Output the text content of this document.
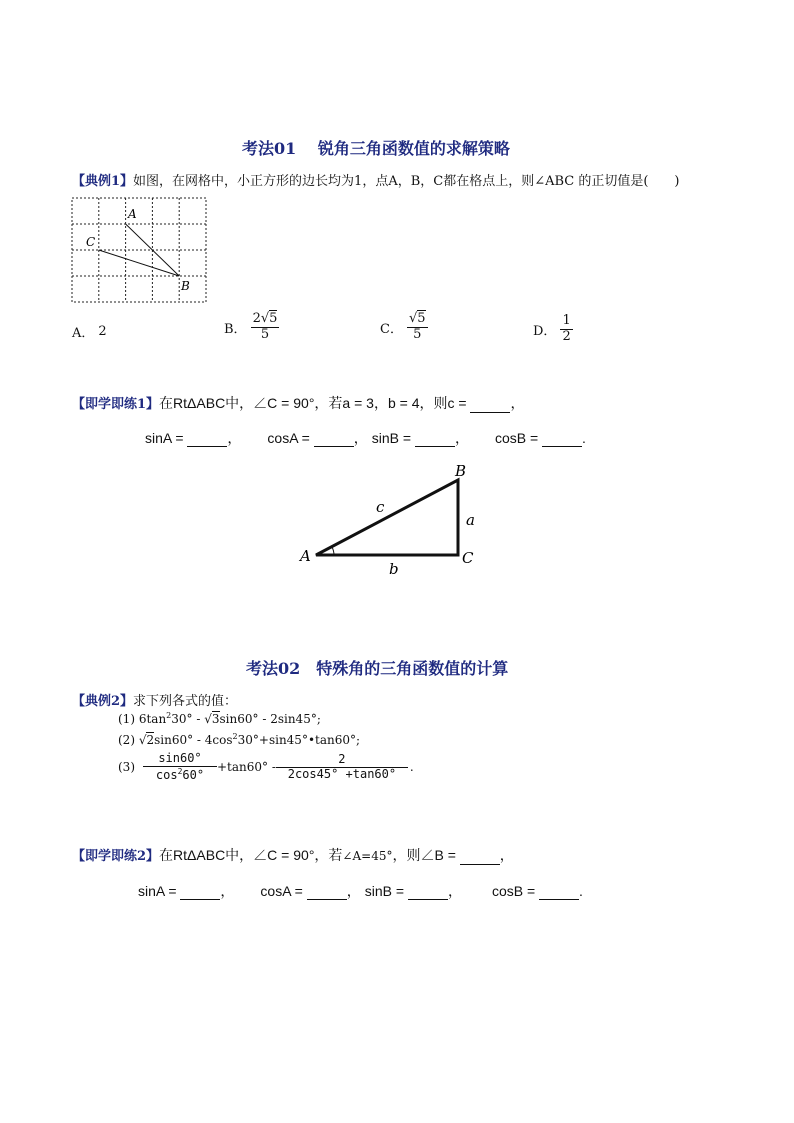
考法01　 锐角三角函数值的求解策略
【典例1】如图，在网格中，小正方形的边长均为1，点A，B，C都在格点上，则∠ABC 的正切值是(　　)
A
C
B
A． 2	B． $\frac{2√5}{5}$	C． $\frac{√5}{5}$	D． $\frac{1}{2}$
【即学即练1】在RtΔABC中，∠C = 90°，若a = 3，b = 4，则c =	，
sinA =	， cosA =	， sinB =	， cosB =	.
A
B
C
a
b
c
考法02　特殊角的三角函数值的计算
【典例2】求下列各式的值：
(1) $6\tan^230^\circ - √3\sin 60^\circ - 2\sin 45^\circ$;
(2) $√2\sin 60^\circ - 4\cos^230^\circ+\sin 45^\circ•\tan 60^\circ$;
$(3) \frac{\sin 60^\circ}{\cos^260^\circ} +\tan 60^\circ - \frac{2}{2\cos 45^\circ +\tan 60^\circ}$ .
【即学即练2】在RtΔABC中，∠C = 90°，若∠A=45°，则∠B =	，
sinA =	， cosA =	， sinB =	， cosB =	.
